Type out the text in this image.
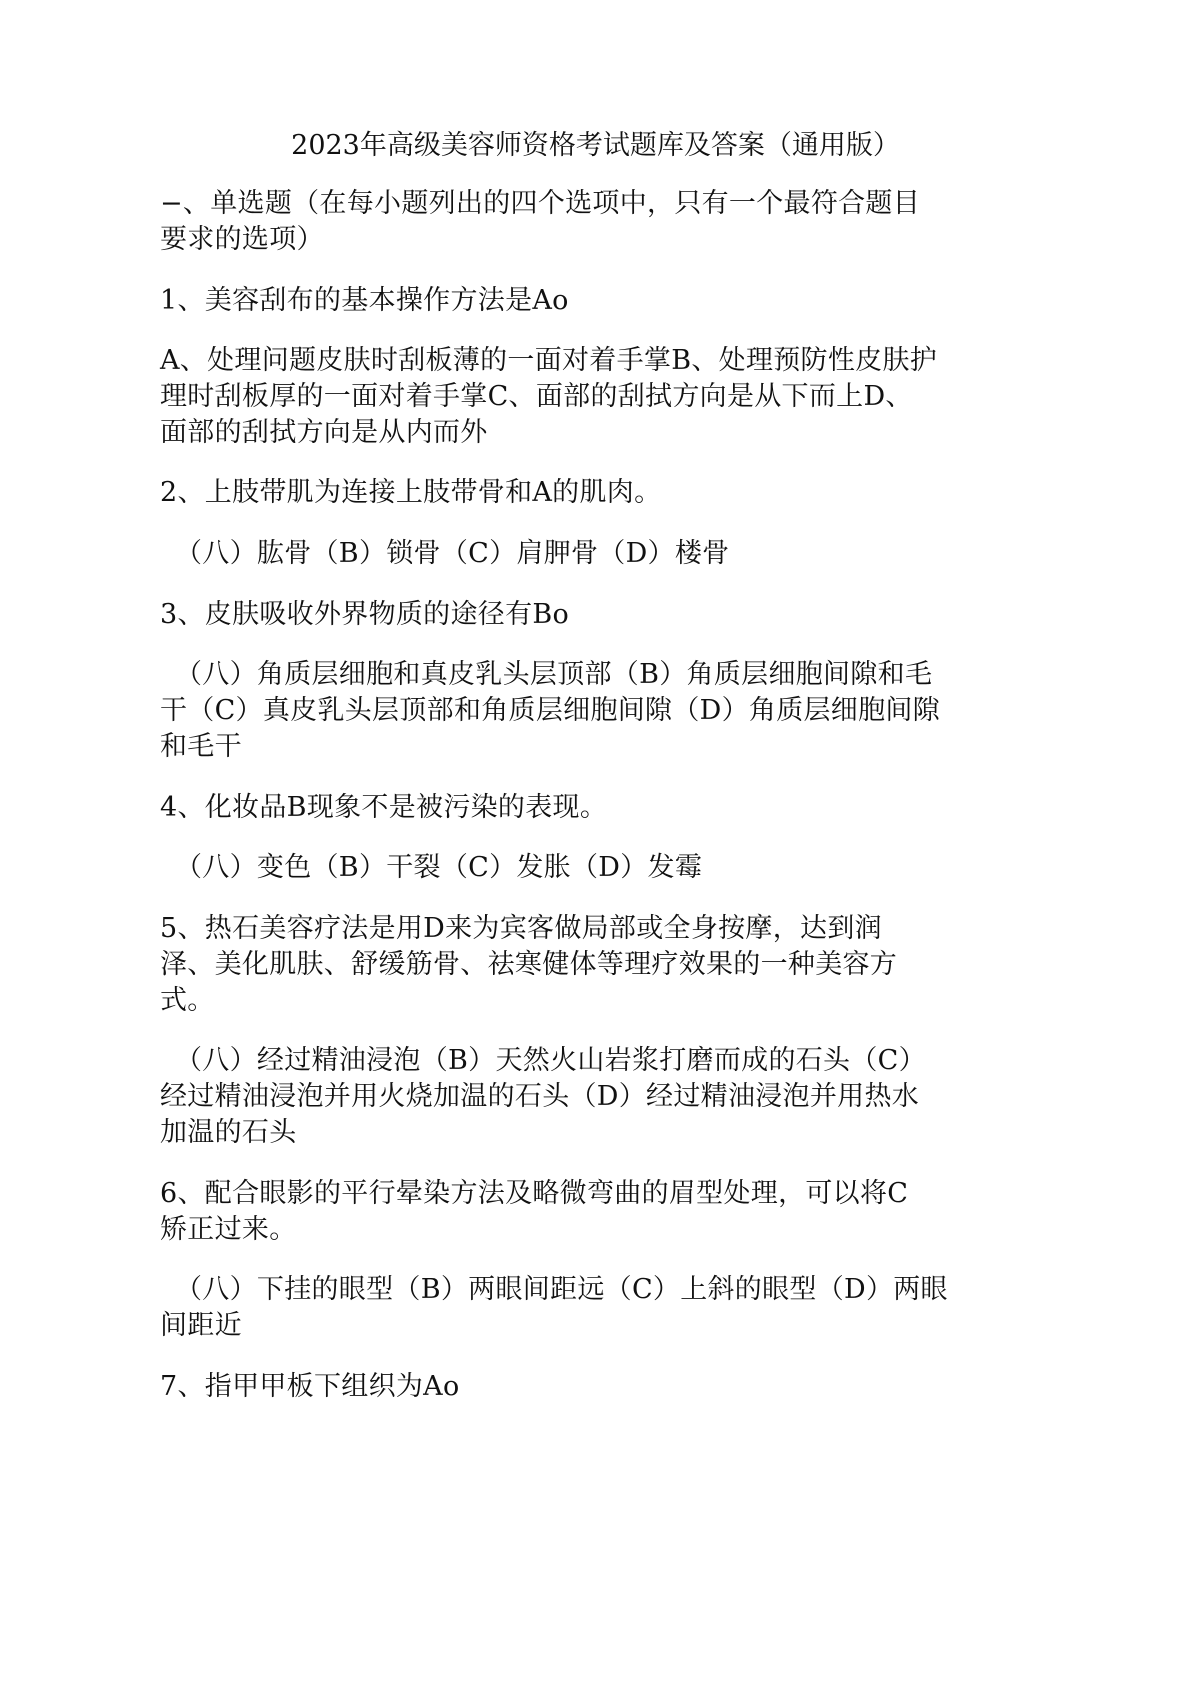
2023年高级美容师资格考试题库及答案（通用版）
−、单选题（在每小题列出的四个选项中，只有一个最符合题目
要求的选项）
1、美容刮布的基本操作方法是Ao
A、处理问题皮肤时刮板薄的一面对着手掌B、处理预防性皮肤护
理时刮板厚的一面对着手掌C、面部的刮拭方向是从下而上D、
面部的刮拭方向是从内而外
2、上肢带肌为连接上肢带骨和A的肌肉。
（八）肱骨（B）锁骨（C）肩胛骨（D）楼骨
3、皮肤吸收外界物质的途径有Bo
（八）角质层细胞和真皮乳头层顶部（B）角质层细胞间隙和毛
干（C）真皮乳头层顶部和角质层细胞间隙（D）角质层细胞间隙
和毛干
4、化妆品B现象不是被污染的表现。
（八）变色（B）干裂（C）发胀（D）发霉
5、热石美容疗法是用D来为宾客做局部或全身按摩，达到润
泽、美化肌肤、舒缓筋骨、祛寒健体等理疗效果的一种美容方
式。
（八）经过精油浸泡（B）天然火山岩浆打磨而成的石头（C）
经过精油浸泡并用火烧加温的石头（D）经过精油浸泡并用热水
加温的石头
6、配合眼影的平行晕染方法及略微弯曲的眉型处理，可以将C
矫正过来。
（八）下挂的眼型（B）两眼间距远（C）上斜的眼型（D）两眼
间距近
7、指甲甲板下组织为Ao
